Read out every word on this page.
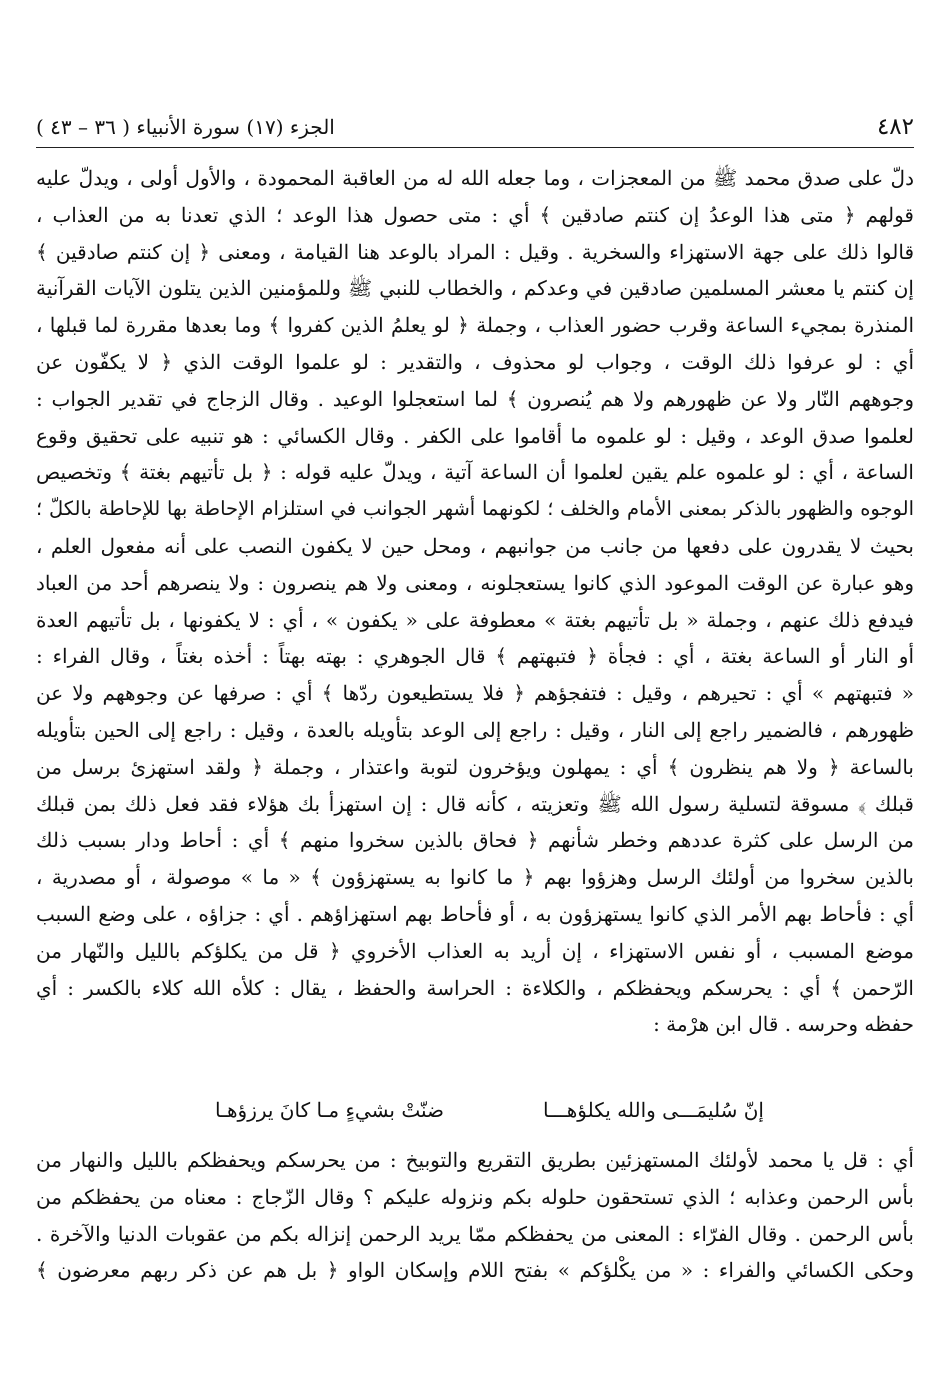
٤٨٢
الجزء (١٧) سورة الأنبياء ( ٣٦ – ٤٣ )
دلّ على صدق محمد ﷺ من المعجزات ، وما جعله الله له من العاقبة المحمودة ، والأول أولى ، ويدلّ عليه
قولهم ﴿ متى هذا الوعدُ إن كنتم صادقين ﴾ أي : متى حصول هذا الوعد ؛ الذي تعدنا به من العذاب ،
قالوا ذلك على جهة الاستهزاء والسخرية . وقيل : المراد بالوعد هنا القيامة ، ومعنى ﴿ إن كنتم صادقين ﴾
إن كنتم يا معشر المسلمين صادقين في وعدكم ، والخطاب للنبي ﷺ وللمؤمنين الذين يتلون الآيات القرآنية
المنذرة بمجيء الساعة وقرب حضور العذاب ، وجملة ﴿ لو يعلمُ الذين كفروا ﴾ وما بعدها مقررة لما قبلها ،
أي : لو عرفوا ذلك الوقت ، وجواب لو محذوف ، والتقدير : لو علموا الوقت الذي ﴿ لا يكفّون عن
وجوههم النّار ولا عن ظهورهم ولا هم يُنصرون ﴾ لما استعجلوا الوعيد . وقال الزجاج في تقدير الجواب :
لعلموا صدق الوعد ، وقيل : لو علموه ما أقاموا على الكفر . وقال الكسائي : هو تنبيه على تحقيق وقوع
الساعة ، أي : لو علموه علم يقين لعلموا أن الساعة آتية ، ويدلّ عليه قوله : ﴿ بل تأتيهم بغتة ﴾ وتخصيص
الوجوه والظهور بالذكر بمعنى الأمام والخلف ؛ لكونهما أشهر الجوانب في استلزام الإحاطة بها للإحاطة بالكلّ ؛
بحيث لا يقدرون على دفعها من جانب من جوانبهم ، ومحل حين لا يكفون النصب على أنه مفعول العلم ،
وهو عبارة عن الوقت الموعود الذي كانوا يستعجلونه ، ومعنى ولا هم ينصرون : ولا ينصرهم أحد من العباد
فيدفع ذلك عنهم ، وجملة « بل تأتيهم بغتة » معطوفة على « يكفون » ، أي : لا يكفونها ، بل تأتيهم العدة
أو النار أو الساعة بغتة ، أي : فجأة ﴿ فتبهتهم ﴾ قال الجوهري : بهته بهتاً : أخذه بغتاً ، وقال الفراء :
« فتبهتهم » أي : تحيرهم ، وقيل : فتفجؤهم ﴿ فلا يستطيعون ردّها ﴾ أي : صرفها عن وجوههم ولا عن
ظهورهم ، فالضمير راجع إلى النار ، وقيل : راجع إلى الوعد بتأويله بالعدة ، وقيل : راجع إلى الحين بتأويله
بالساعة ﴿ ولا هم ينظرون ﴾ أي : يمهلون ويؤخرون لتوبة واعتذار ، وجملة ﴿ ولقد استهزئ برسل من
قبلك ﴾ مسوقة لتسلية رسول الله ﷺ وتعزيته ، كأنه قال : إن استهزأ بك هؤلاء فقد فعل ذلك بمن قبلك
من الرسل على كثرة عددهم وخطر شأنهم ﴿ فحاق بالذين سخروا منهم ﴾ أي : أحاط ودار بسبب ذلك
بالذين سخروا من أولئك الرسل وهزؤوا بهم ﴿ ما كانوا به يستهزؤون ﴾ « ما » موصولة ، أو مصدرية ،
أي : فأحاط بهم الأمر الذي كانوا يستهزؤون به ، أو فأحاط بهم استهزاؤهم . أي : جزاؤه ، على وضع السبب
موضع المسبب ، أو نفس الاستهزاء ، إن أريد به العذاب الأخروي ﴿ قل من يكلؤكم بالليل والنّهار من
الرّحمن ﴾ أي : يحرسكم ويحفظكم ، والكلاءة : الحراسة والحفظ ، يقال : كلأه الله كلاء بالكسر : أي
حفظه وحرسه . قال ابن هرْمة :
إنّ سُليمَـــى والله يكلؤهـــا
ضنّتْ بشيءٍ مـا كانَ يرزؤهـا
أي : قل يا محمد لأولئك المستهزئين بطريق التقريع والتوبيخ : من يحرسكم ويحفظكم بالليل والنهار من
بأس الرحمن وعذابه ؛ الذي تستحقون حلوله بكم ونزوله عليكم ؟ وقال الزّجاج : معناه من يحفظكم من
بأس الرحمن . وقال الفرّاء : المعنى من يحفظكم ممّا يريد الرحمن إنزاله بكم من عقوبات الدنيا والآخرة .
وحكى الكسائي والفراء : « من يكْلؤكم » بفتح اللام وإسكان الواو ﴿ بل هم عن ذكر ربهم معرضون ﴾
